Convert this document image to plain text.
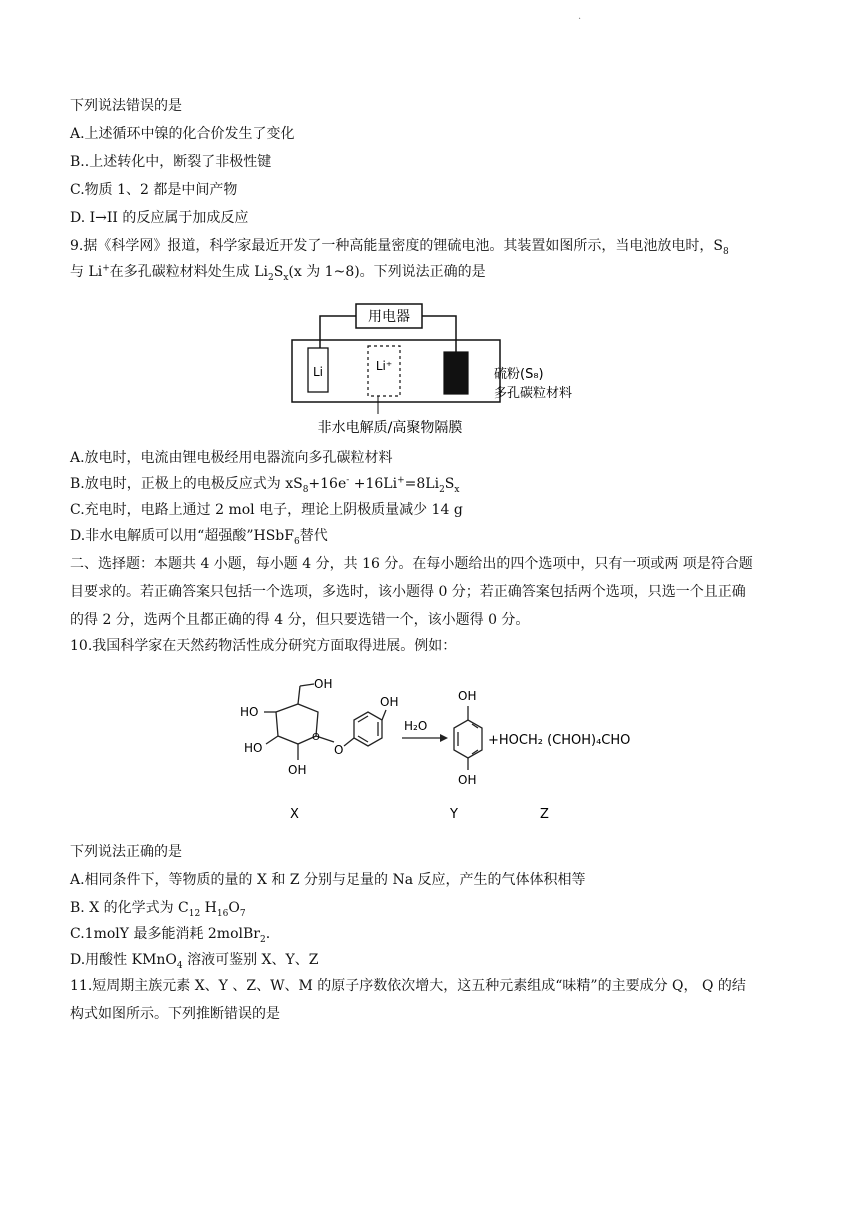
·
下列说法错误的是
A.上述循环中镍的化合价发生了变化
B..上述转化中，断裂了非极性键
C.物质 1、2 都是中间产物
D. I→II 的反应属于加成反应
9.据《科学网》报道，科学家最近开发了一种高能量密度的锂硫电池。其装置如图所示，当电池放电时，$S_8$
与 Li+在多孔碳粒材料处生成 $Li_2S_x(x$ 为 1~8)。下列说法正确的是
用电器
Li	Li⁺
非水电解质/高聚物隔膜
硫粉(S₈)
多孔碳粒材料
A.放电时，电流由锂电极经用电器流向多孔碳粒材料
B.放电时，正极上的电极反应式为 $xS_8+16e^- +16Li^+=8Li_2S_x$
C.充电时，电路上通过 2 mol 电子，理论上阴极质量减少 14 g
D.非水电解质可以用“超强酸”HSbF$_6$替代
二、选择题：本题共 4 小题，每小题 4 分，共 16 分。在每小题给出的四个选项中，只有一项或两 项是符合题
目要求的。若正确答案只包括一个选项，多选时，该小题得 0 分；若正确答案包括两个选项，只选一个且正确
的得 2 分，选两个且都正确的得 4 分，但只要选错一个，该小题得 0 分。
10.我国科学家在天然药物活性成分研究方面取得进展。例如：
OH
HO
HO
OH
O
O
OH
H₂O
OH
OH
+HOCH₂ (CHOH)₄CHO
X	Y	Z
下列说法正确的是
A.相同条件下，等物质的量的 X 和 Z 分别与足量的 Na 反应，产生的气体体积相等
B. X 的化学式为 $C_{12}$ $H_{16}O_7$
C.1molY 最多能消耗 2molBr$_2$.
D.用酸性 KMnO$_4$ 溶液可鉴别 X、Y、Z
11.短周期主族元素 X、Y 、Z、W、M 的原子序数依次增大，这五种元素组成“味精”的主要成分 Q， Q 的结
构式如图所示。下列推断错误的是
